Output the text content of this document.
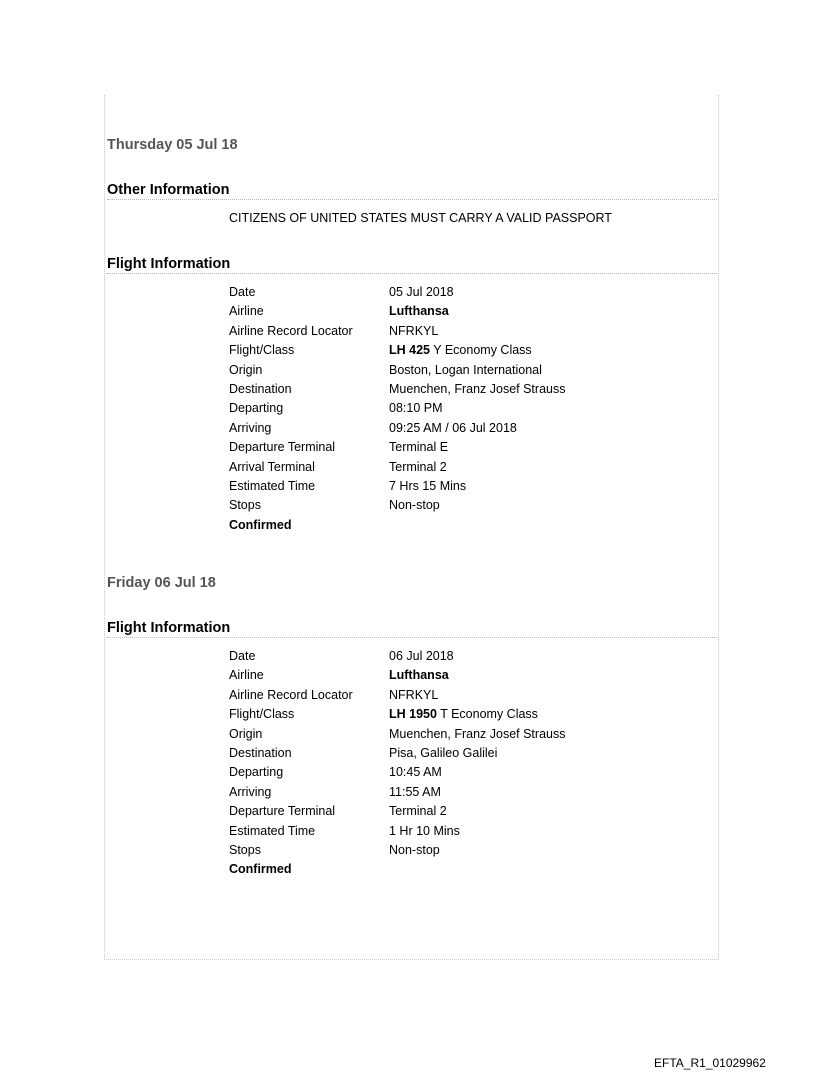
Thursday 05 Jul 18
Other Information

CITIZENS OF UNITED STATES MUST CARRY A VALID PASSPORT

Flight Information
Date	05 Jul 2018
Airline	Lufthansa
Airline Record Locator	NFRKYL
Flight/Class	LH 425 Y Economy Class
Origin	Boston, Logan International
Destination	Muenchen, Franz Josef Strauss
Departing	08:10 PM
Arriving	09:25 AM / 06 Jul 2018
Departure Terminal	Terminal E
Arrival Terminal	Terminal 2
Estimated Time	7 Hrs 15 Mins
Stops	Non-stop
Confirmed
Friday 06 Jul 18
Flight Information
Date	06 Jul 2018
Airline	Lufthansa
Airline Record Locator	NFRKYL
Flight/Class	LH 1950 T Economy Class
Origin	Muenchen, Franz Josef Strauss
Destination	Pisa, Galileo Galilei
Departing	10:45 AM
Arriving	11:55 AM
Departure Terminal	Terminal 2
Estimated Time	1 Hr 10 Mins
Stops	Non-stop
Confirmed

EFTA_R1_01029962
